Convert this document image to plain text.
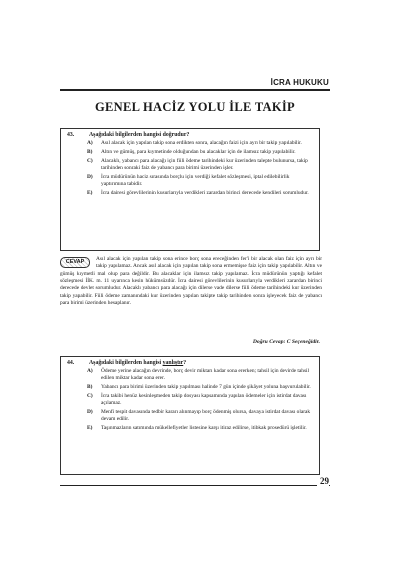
İCRA HUKUKU
GENEL HACİZ YOLU İLE TAKİP
43.	Aşağıdaki bilgilerden hangisi doğrudur?
A)	Asıl alacak için yapılan takip sona erdikten sonra, alacağın faizi için ayrı bir takip yapılabilir.
B)	Altın ve gümüş, para kıymetinde olduğundan bu alacaklar için de ilamsız takip yapılabilir.
C)	Alacaklı, yabancı para alacağı için fiili ödeme tarihindeki kur üzerinden talepte bulunursa, takip tarihinden sonraki faiz de yabancı para birimi üzerinden işler.
D)	İcra müdürünün haciz sırasında borçlu için verdiği kefalet sözleşmesi, iptal edilebilirlik yaptırımına tabidir.
E)	İcra dairesi görevlilerinin kusurlarıyla verdikleri zarardan birinci derecede kendileri sorumludur.
CEVAP	Asıl alacak için yapılan takip sona erince borç sona ereceğinden fer'i bir alacak olan faiz için ayrı bir takip yapılamaz. Ancak asıl alacak için yapılan takip sona ermemişse faiz için takip yapılabilir. Altın ve gümüş kıymetli mal olup para değildir. Bu alacaklar için ilamsız takip yapılamaz. İcra müdürünün yaptığı kefalet sözleşmesi İİK. m. 11 uyarınca kesin hükümsüzdür. İcra dairesi görevlilerinin kusurlarıyla verdikleri zarardan birinci derecede devlet sorumludur. Alacaklı yabancı para alacağı için dilerse vade dilerse fiili ödeme tarihindeki kur üzerinden takip yapabilir. Fiili ödeme zamanındaki kur üzerinden yapılan takipte takip tarihinden sonra işleyecek faiz de yabancı para birimi üzerinden hesaplanır.
Doğru Cevap: C Seçeneğidir.
44.	Aşağıdaki bilgilerden hangisi yanlıştır?
A)	Ödeme yerine alacağın devrinde, borç devir miktarı kadar sona ererken; tahsil için devirde tahsil edilen miktar kadar sona erer.
B)	Yabancı para birimi üzerinden takip yapılması halinde 7 gün içinde şikâyet yoluna başvurulabilir.
C)	İcra takibi henüz kesinleşmeden takip dosyası kapsamında yapılan ödemeler için istirdat davası açılamaz.
D)	Menfi tespit davasında tedbir kararı alınmayıp borç ödenmiş olursa, davaya istirdat davası olarak devam edilir.
E)	Taşınmazların satımında mükellefiyetler listesine karşı itiraz edilirse, itibkak prosedürü işletilir.
29
